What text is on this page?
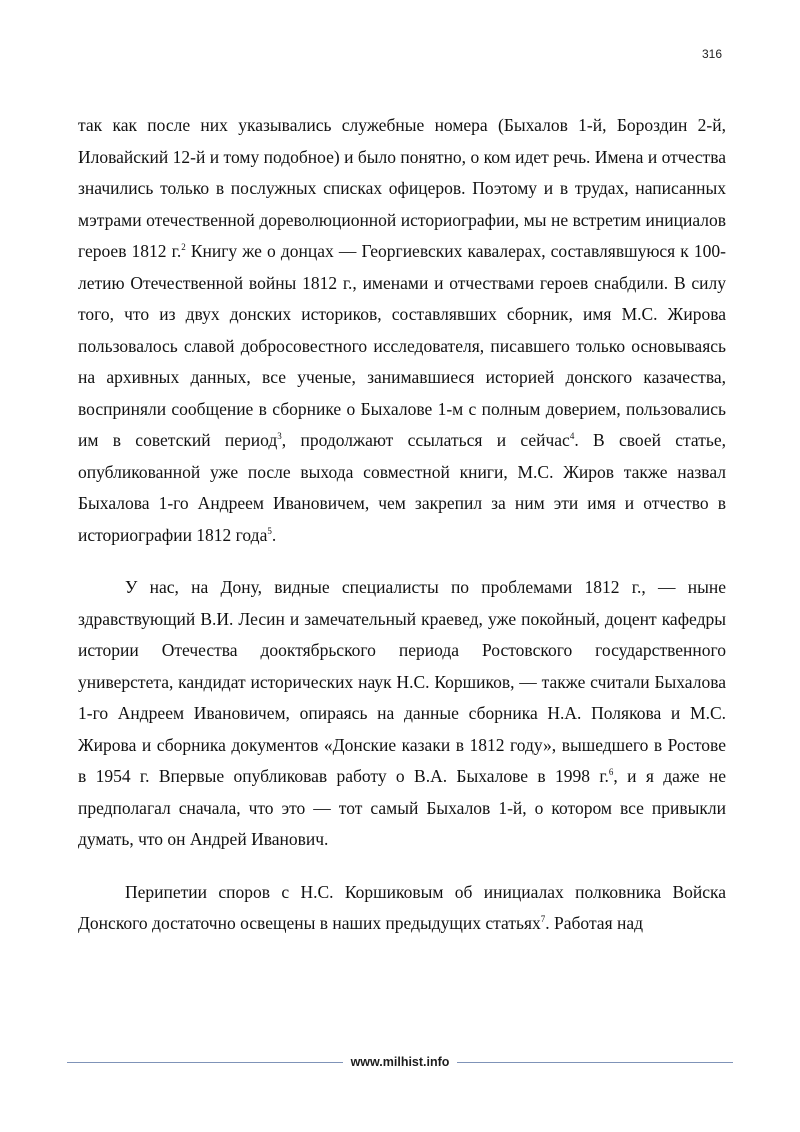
316

так как после них указывались служебные номера (Быхалов 1-й, Бороздин 2-й, Иловайский 12-й и тому подобное) и было понятно, о ком идет речь. Имена и отчества значились только в послужных списках офицеров. Поэтому и в трудах, написанных мэтрами отечественной дореволюционной историографии, мы не встретим инициалов героев 1812 г.$^2$ Книгу же о донцах — Георгиевских кавалерах, составлявшуюся к 100-летию Отечественной войны 1812 г., именами и отчествами героев снабдили. В силу того, что из двух донских историков, составлявших сборник, имя М.С. Жирова пользовалось славой добросовестного исследователя, писавшего только основываясь на архивных данных, все ученые, занимавшиеся историей донского казачества, восприняли сообщение в сборнике о Быхалове 1-м с полным доверием, пользовались им в советский период$^3$, продолжают ссылаться и сейчас$^4$. В своей статье, опубликованной уже после выхода совместной книги, М.С. Жиров также назвал Быхалова 1-го Андреем Ивановичем, чем закрепил за ним эти имя и отчество в историографии 1812 года$^5$.

У нас, на Дону, видные специалисты по проблемами 1812 г., — ныне здравствующий В.И. Лесин и замечательный краевед, уже покойный, доцент кафедры истории Отечества дооктябрьского периода Ростовского государственного универстета, кандидат исторических наук Н.С. Коршиков, — также считали Быхалова 1-го Андреем Ивановичем, опираясь на данные сборника Н.А. Полякова и М.С. Жирова и сборника документов «Донские казаки в 1812 году», вышедшего в Ростове в 1954 г. Впервые опубликовав работу о В.А. Быхалове в 1998 г.$^6$, и я даже не предполагал сначала, что это — тот самый Быхалов 1-й, о котором все привыкли думать, что он Андрей Иванович.

Перипетии споров с Н.С. Коршиковым об инициалах полковника Войска Донского достаточно освещены в наших предыдущих статьях$^7$. Работая над

www.milhist.info
